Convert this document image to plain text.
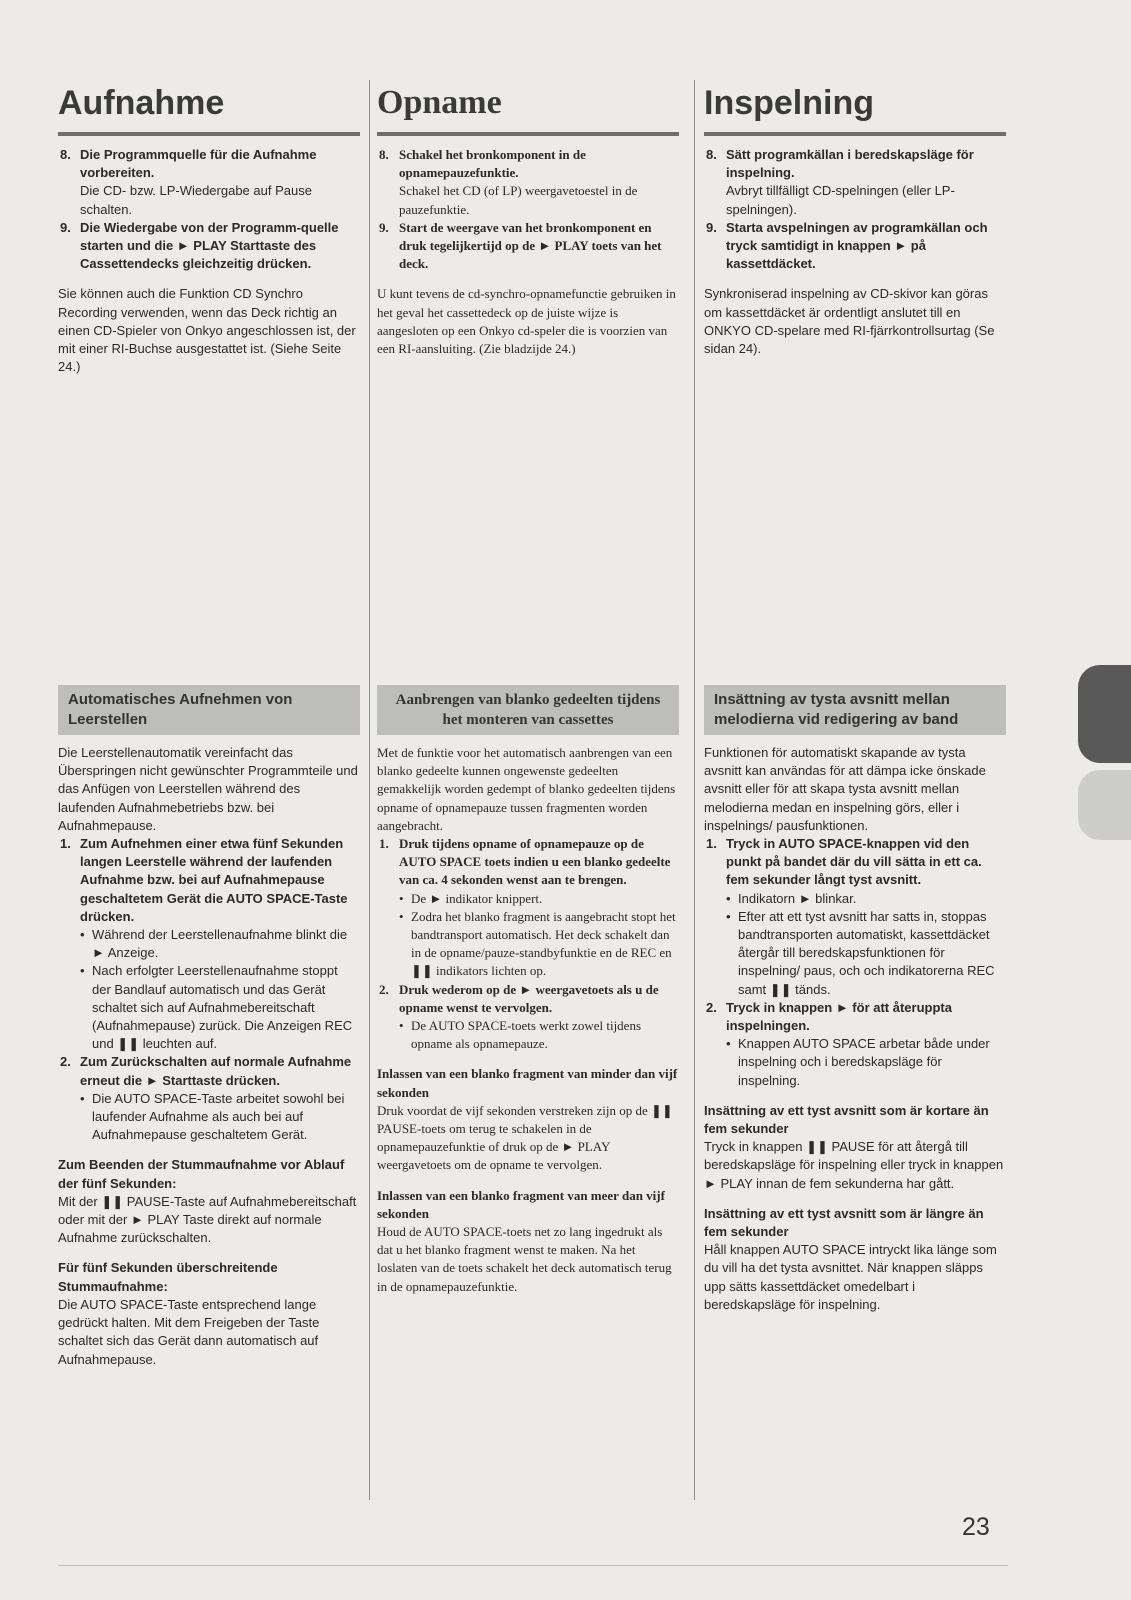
Aufnahme
8. Die Programmquelle für die Aufnahme vorbereiten.
Die CD- bzw. LP-Wiedergabe auf Pause schalten.
9. Die Wiedergabe von der Programm-quelle starten und die ► PLAY Starttaste des Cassettendecks gleichzeitig drücken.

Sie können auch die Funktion CD Synchro Recording verwenden, wenn das Deck richtig an einen CD-Spieler von Onkyo angeschlossen ist, der mit einer RI-Buchse ausgestattet ist. (Siehe Seite 24.)

Automatisches Aufnehmen von Leerstellen
Die Leerstellenautomatik vereinfacht das Überspringen nicht gewünschter Programmteile und das Anfügen von Leerstellen während des laufenden Aufnahmebetriebs bzw. bei Aufnahmepause.
1. Zum Aufnehmen einer etwa fünf Sekunden langen Leerstelle während der laufenden Aufnahme bzw. bei auf Aufnahmepause geschaltetem Gerät die AUTO SPACE-Taste drücken.
• Während der Leerstellenaufnahme blinkt die ► Anzeige.
• Nach erfolgter Leerstellenaufnahme stoppt der Bandlauf automatisch und das Gerät schaltet sich auf Aufnahmebereitschaft (Aufnahmepause) zurück. Die Anzeigen REC und ❚❚ leuchten auf.
2. Zum Zurückschalten auf normale Aufnahme erneut die ► Starttaste drücken.
• Die AUTO SPACE-Taste arbeitet sowohl bei laufender Aufnahme als auch bei auf Aufnahmepause geschaltetem Gerät.
Zum Beenden der Stummaufnahme vor Ablauf der fünf Sekunden:
Mit der ❚❚ PAUSE-Taste auf Aufnahmebereitschaft oder mit der ► PLAY Taste direkt auf normale Aufnahme zurückschalten.
Für fünf Sekunden überschreitende Stummaufnahme:
Die AUTO SPACE-Taste entsprechend lange gedrückt halten. Mit dem Freigeben der Taste schaltet sich das Gerät dann automatisch auf Aufnahmepause.
Opname
8. Schakel het bronkomponent in de opnamepauzefunktie.
Schakel het CD (of LP) weergavetoestel in de pauzefunktie.
9. Start de weergave van het bronkomponent en druk tegelijkertijd op de ► PLAY toets van het deck.

U kunt tevens de cd-synchro-opnamefunctie gebruiken in het geval het cassettedeck op de juiste wijze is aangesloten op een Onkyo cd-speler die is voorzien van een RI-aansluiting. (Zie bladzijde 24.)

Aanbrengen van blanko gedeelten tijdens het monteren van cassettes
Met de funktie voor het automatisch aanbrengen van een blanko gedeelte kunnen ongewenste gedeelten gemakkelijk worden gedempt of blanko gedeelten tijdens opname of opnamepauze tussen fragmenten worden aangebracht.
1. Druk tijdens opname of opnamepauze op de AUTO SPACE toets indien u een blanko gedeelte van ca. 4 sekonden wenst aan te brengen.
• De ► indikator knippert.
• Zodra het blanko fragment is aangebracht stopt het bandtransport automatisch. Het deck schakelt dan in de opname/pauze-standbyfunktie en de REC en ❚❚ indikators lichten op.
2. Druk wederom op de ► weergavetoets als u de opname wenst te vervolgen.
• De AUTO SPACE-toets werkt zowel tijdens opname als opnamepauze.
Inlassen van een blanko fragment van minder dan vijf sekonden
Druk voordat de vijf sekonden verstreken zijn op de ❚❚ PAUSE-toets om terug te schakelen in de opnamepauzefunktie of druk op de ► PLAY weergavetoets om de opname te vervolgen.
Inlassen van een blanko fragment van meer dan vijf sekonden
Houd de AUTO SPACE-toets net zo lang ingedrukt als dat u het blanko fragment wenst te maken. Na het loslaten van de toets schakelt het deck automatisch terug in de opnamepauzefunktie.
Inspelning
8. Sätt programkällan i beredskapsläge för inspelning.
Avbryt tillfälligt CD-spelningen (eller LP-spelningen).
9. Starta avspelningen av programkällan och tryck samtidigt in knappen ► på kassettdäcket.

Synkroniserad inspelning av CD-skivor kan göras om kassettdäcket är ordentligt anslutet till en ONKYO CD-spelare med RI-fjärrkontrollsurtag (Se sidan 24).

Insättning av tysta avsnitt mellan melodierna vid redigering av band
Funktionen för automatiskt skapande av tysta avsnitt kan användas för att dämpa icke önskade avsnitt eller för att skapa tysta avsnitt mellan melodierna medan en inspelning görs, eller i inspelnings/ pausfunktionen.
1. Tryck in AUTO SPACE-knappen vid den punkt på bandet där du vill sätta in ett ca. fem sekunder långt tyst avsnitt.
• Indikatorn ► blinkar.
• Efter att ett tyst avsnitt har satts in, stoppas bandtransporten automatiskt, kassettdäcket återgår till beredskapsfunktionen för inspelning/ paus, och och indikatorerna REC samt ❚❚ tänds.
2. Tryck in knappen ► för att återuppta inspelningen.
• Knappen AUTO SPACE arbetar både under inspelning och i beredskapsläge för inspelning.
Insättning av ett tyst avsnitt som är kortare än fem sekunder
Tryck in knappen ❚❚ PAUSE för att återgå till beredskapsläge för inspelning eller tryck in knappen ► PLAY innan de fem sekunderna har gått.
Insättning av ett tyst avsnitt som är längre än fem sekunder
Håll knappen AUTO SPACE intryckt lika länge som du vill ha det tysta avsnittet. När knappen släpps upp sätts kassettdäcket omedelbart i beredskapsläge för inspelning.
23
